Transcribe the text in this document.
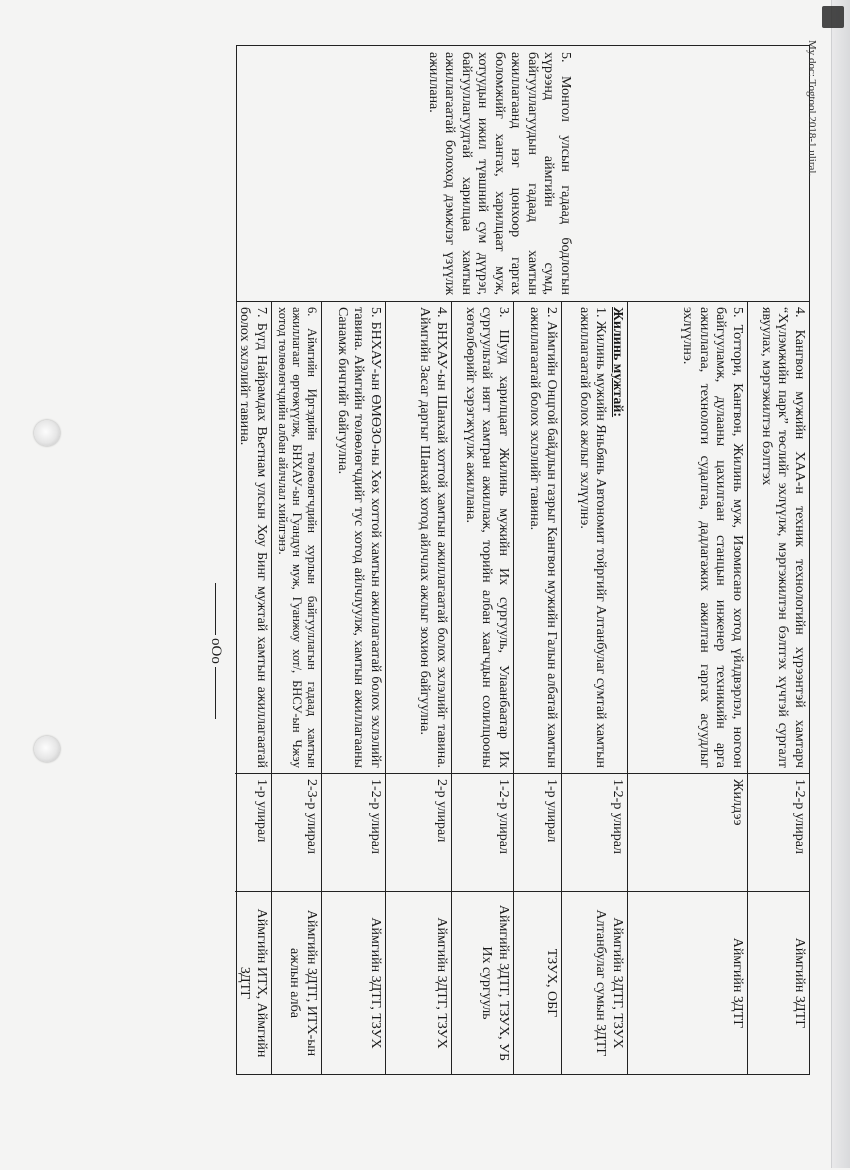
5. Монгол улсын гадаад бодлогын хүрээнд аймгийн сумд, байгууллагуудын гадаад хамтын ажиллагаанд нэг цонхоор гаргах боломжийг хангах, харилцаат муж, хотуудын ижил түвшний сум дүүрэг, байгууллагуудтай харилцаа хамтын ажиллагаатай болоход дэмжлэг үзүүлж ажиллана.
4. Кангвон мужийн ХАА-н техник технологийн хүрээнтэй хамтарч “Хүлэмжийн парк” төслийг эхлүүлж, мэргэжилтэн бэлтгэх хүчтэй сургалт явуулах, мэргэжилтэн бэлтгэх
1-2-р улирал
Аймгийн ЗДТГ
5. Тоттори, Кангвон, Жилинь муж, Изомисано хотод үйлдвэрлэл, ногоон байгууламж, дулааны цахилгаан станцын инженер техникийн арга ажиллагаа, технологи судалгаа, дадлагажих ажилтан гаргах асуудлыг эхлүүлнэ.
Жилдээ
Аймгийн ЗДТГ
Жилинь мужтай:
1. Жилинь мужийн Яньбянь Автономит тойргийг Алтанбулаг сумтай хамтын ажиллагаатай болох ажлыг эхлүүлнэ.
1-2-р улирал
Аймгийн ЗДТГ, ТЗУХ Алтанбулаг сумын ЗДТГ
2. Аймгийн Онцгой байдлын газрыг Кангвон мужийн Галын албатай хамтын ажиллагаатай болох эхлэлийг тавина.
1-р улирал
ТЗУХ, ОБГ
3. Шууд харилцаат Жилинь мужийн Их сургууль, Улаанбаатар Их сургуультай нягт хамтран ажиллаж, торийн албан хаагчдын солилцооны хөтөлбөрийг хэрэгжүүлж ажиллана.
1-2-р улирал
Аймгийн ЗДТГ, ТЗУХ, УБ Их сургууль
4. БНХАУ-ын Шанхай хоттой хамтын ажиллагаатай болох эхлэлийг тавина. Аймгийн Засаг даргыг Шанхай хотод айлчлах ажлыг зохион байгуулна.
2-р улирал
Аймгийн ЗДТГ, ТЗУХ
5. БНХАУ-ын ӨМӨЗО-ны Хөх хоттой хамтын ажиллагаатай болох эхлэлийг тавина. Аймгийн төлөөлөгчдийг тус хотод айлчлуулж, хамтын ажиллагааны Санамж бичгийг байгуулна.
1-2-р улирал
Аймгийн ЗДТГ, ТЗУХ
6. Аймгийн Иргэдийн төлөөлөгчдийн хурлын байгууллагын гадаад хамтын ажиллагааг өргөжүүлж, БНХАУ-ын Гуандун муж, Гуанжоу хот/, БНСУ-ын Чжэу хотод төлөөлөгчдийн албан айлчлал хийлгэнэ.
2-3-р улирал
Аймгийн ЗДТГ, ИТХ-ын ажлын алба
7. Бүгд Найрамдах Вьетнам улсын Хоу Бинг мужтай хамтын ажиллагаатай болох эхлэлийг тавина.
1-р улирал
Аймгийн ИТХ, Аймгийн ЗДТГ
oOo
My doc: Togtool 2018-1 uliral.
